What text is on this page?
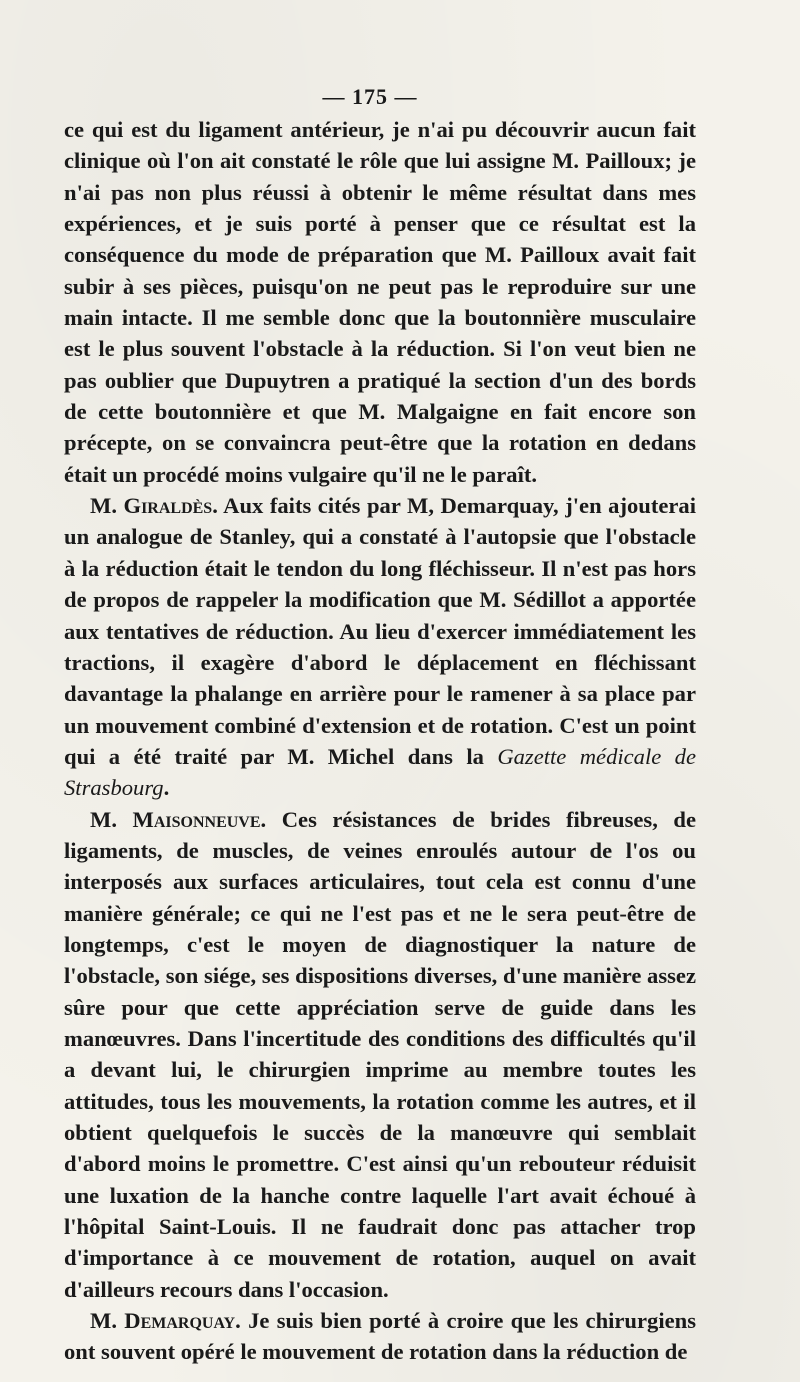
— 175 —

ce qui est du ligament antérieur, je n'ai pu découvrir aucun fait clinique où l'on ait constaté le rôle que lui assigne M. Pailloux; je n'ai pas non plus réussi à obtenir le même résultat dans mes expériences, et je suis porté à penser que ce résultat est la conséquence du mode de préparation que M. Pailloux avait fait subir à ses pièces, puisqu'on ne peut pas le reproduire sur une main intacte. Il me semble donc que la boutonnière musculaire est le plus souvent l'obstacle à la réduction. Si l'on veut bien ne pas oublier que Dupuytren a pratiqué la section d'un des bords de cette boutonnière et que M. Malgaigne en fait encore son précepte, on se convaincra peut-être que la rotation en dedans était un procédé moins vulgaire qu'il ne le paraît.

M. Giraldès. Aux faits cités par M, Demarquay, j'en ajouterai un analogue de Stanley, qui a constaté à l'autopsie que l'obstacle à la réduction était le tendon du long fléchisseur. Il n'est pas hors de propos de rappeler la modification que M. Sédillot a apportée aux tentatives de réduction. Au lieu d'exercer immédiatement les tractions, il exagère d'abord le déplacement en fléchissant davantage la phalange en arrière pour le ramener à sa place par un mouvement combiné d'extension et de rotation. C'est un point qui a été traité par M. Michel dans la Gazette médicale de Strasbourg.

M. Maisonneuve. Ces résistances de brides fibreuses, de ligaments, de muscles, de veines enroulés autour de l'os ou interposés aux surfaces articulaires, tout cela est connu d'une manière générale; ce qui ne l'est pas et ne le sera peut-être de longtemps, c'est le moyen de diagnostiquer la nature de l'obstacle, son siége, ses dispositions diverses, d'une manière assez sûre pour que cette appréciation serve de guide dans les manœuvres. Dans l'incertitude des conditions des difficultés qu'il a devant lui, le chirurgien imprime au membre toutes les attitudes, tous les mouvements, la rotation comme les autres, et il obtient quelquefois le succès de la manœuvre qui semblait d'abord moins le promettre. C'est ainsi qu'un rebouteur réduisit une luxation de la hanche contre laquelle l'art avait échoué à l'hôpital Saint-Louis. Il ne faudrait donc pas attacher trop d'importance à ce mouvement de rotation, auquel on avait d'ailleurs recours dans l'occasion.

M. Demarquay. Je suis bien porté à croire que les chirurgiens ont souvent opéré le mouvement de rotation dans la réduction de
